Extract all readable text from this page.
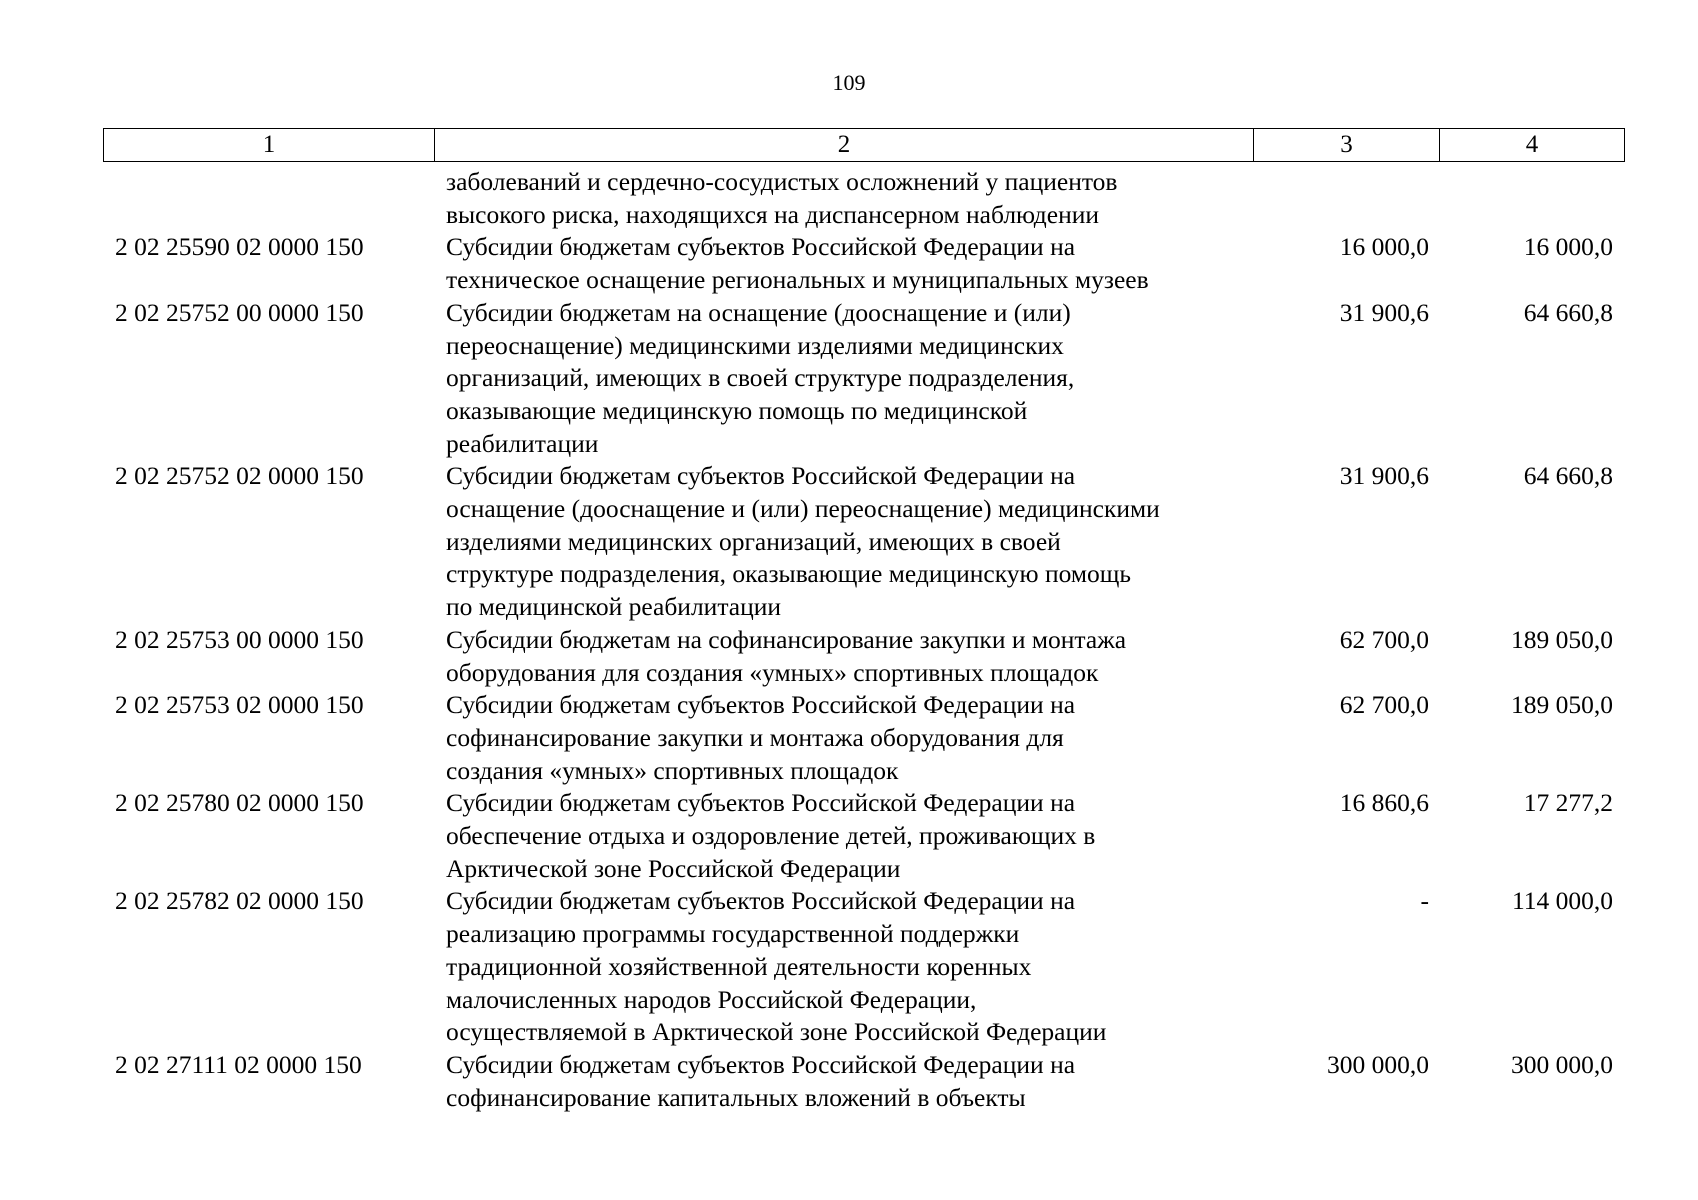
109
1	2	3	4
заболеваний и сердечно-сосудистых осложнений у пациентов
высокого риска, находящихся на диспансерном наблюдении
2 02 25590 02 0000 150	Субсидии бюджетам субъектов Российской Федерации на
техническое оснащение региональных и муниципальных музеев
16 000,0	16 000,0
2 02 25752 00 0000 150	Субсидии бюджетам на оснащение (дооснащение и (или)
переоснащение) медицинскими изделиями медицинских
организаций, имеющих в своей структуре подразделения,
оказывающие медицинскую помощь по медицинской
реабилитации
31 900,6	64 660,8
2 02 25752 02 0000 150	Субсидии бюджетам субъектов Российской Федерации на
оснащение (дооснащение и (или) переоснащение) медицинскими
изделиями медицинских организаций, имеющих в своей
структуре подразделения, оказывающие медицинскую помощь
по медицинской реабилитации
31 900,6	64 660,8
2 02 25753 00 0000 150	Субсидии бюджетам на софинансирование закупки и монтажа
оборудования для создания «умных» спортивных площадок
62 700,0	189 050,0
2 02 25753 02 0000 150	Субсидии бюджетам субъектов Российской Федерации на
софинансирование закупки и монтажа оборудования для
создания «умных» спортивных площадок
62 700,0	189 050,0
2 02 25780 02 0000 150	Субсидии бюджетам субъектов Российской Федерации на
обеспечение отдыха и оздоровление детей, проживающих в
Арктической зоне Российской Федерации
16 860,6	17 277,2
2 02 25782 02 0000 150	Субсидии бюджетам субъектов Российской Федерации на
реализацию программы государственной поддержки
традиционной хозяйственной деятельности коренных
малочисленных народов Российской Федерации,
осуществляемой в Арктической зоне Российской Федерации
-	114 000,0
2 02 27111 02 0000 150	Субсидии бюджетам субъектов Российской Федерации на
софинансирование капитальных вложений в объекты
300 000,0	300 000,0
